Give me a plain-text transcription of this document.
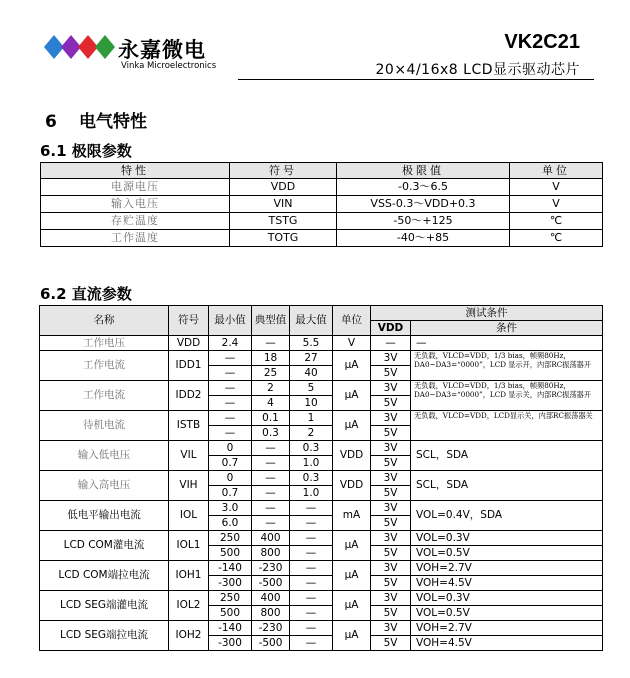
永嘉微电
Vinka Microelectronics
VK2C21
20×4/16x8 LCD显示驱动芯片
6 电气特性
6.1 极限参数
6.2 直流参数
特性	符号	极限值	单位
电源电压	VDD	-0.3～6.5	V
输入电压	VIN	VSS-0.3～VDD+0.3	V
存贮温度	TSTG	-50～+125	℃
工作温度	TOTG	-40～+85	℃
名称	符号	最小值	典型值	最大值	单位	测试条件	
						VDD	条件
工作电压	VDD	2.4	—	5.5	V	—	—
工作电流	IDD1	—	18	27	μA	3V	无负载，VLCD=VDD，1/3 bias，帧频80Hz，DA0~DA3=“0000”，LCD 显示开，内部RC振荡器开
		—	25	40		5V	
工作电流	IDD2	—	2	5	μA	3V	无负载，VLCD=VDD，1/3 bias，帧频80Hz，DA0~DA3=“0000”，LCD 显示关，内部RC振荡器开
		—	4	10		5V	
待机电流	ISTB	—	0.1	1	μA	3V	无负载，VLCD=VDD，LCD显示关，内部RC振荡器关
		—	0.3	2		5V	
输入低电压	VIL	0	—	0.3	VDD	3V	SCL，SDA
		0.7	—	1.0		5V	
输入高电压	VIH	0	—	0.3	VDD	3V	SCL，SDA
		0.7	—	1.0		5V	
低电平输出电流	IOL	3.0	—	—	mA	3V	VOL=0.4V，SDA
		6.0	—	—		5V	
LCD COM灌电流	IOL1	250	400	—	μA	3V	VOL=0.3V
		500	800	—		5V	VOL=0.5V
LCD COM端拉电流	IOH1	-140	-230	—	μA	3V	VOH=2.7V
		-300	-500	—		5V	VOH=4.5V
LCD SEG端灌电流	IOL2	250	400	—	μA	3V	VOL=0.3V
		500	800	—		5V	VOL=0.5V
LCD SEG端拉电流	IOH2	-140	-230	—	μA	3V	VOH=2.7V
		-300	-500	—		5V	VOH=4.5V
